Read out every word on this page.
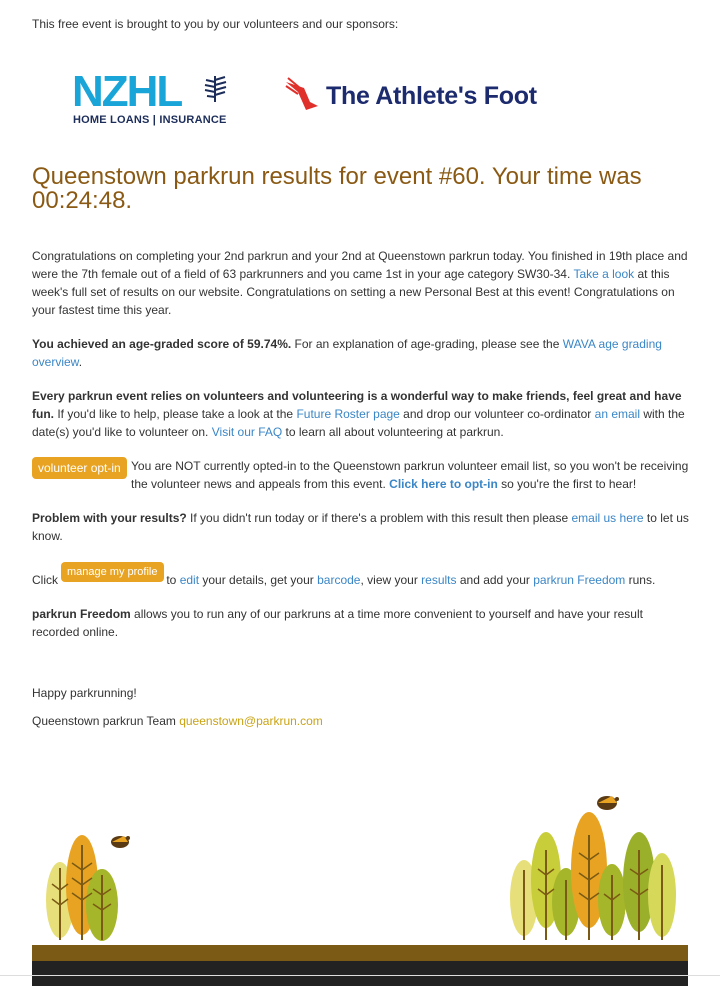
This free event is brought to you by our volunteers and our sponsors:
NZHL
HOME LOANS | INSURANCE
The Athlete's Foot
Queenstown parkrun results for event #60. Your time was 00:24:48.

Congratulations on completing your 2nd parkrun and your 2nd at Queenstown parkrun today. You finished in 19th place and were the 7th female out of a field of 63 parkrunners and you came 1st in your age category SW30-34. Take a look at this week's full set of results on our website. Congratulations on setting a new Personal Best at this event! Congratulations on your fastest time this year.

You achieved an age-graded score of 59.74%. For an explanation of age-grading, please see the WAVA age grading overview.

Every parkrun event relies on volunteers and volunteering is a wonderful way to make friends, feel great and have fun. If you'd like to help, please take a look at the Future Roster page and drop our volunteer co-ordinator an email with the date(s) you'd like to volunteer on. Visit our FAQ to learn all about volunteering at parkrun.

volunteer opt-in You are NOT currently opted-in to the Queenstown parkrun volunteer email list, so you won't be receiving the volunteer news and appeals from this event. Click here to opt-in so you're the first to hear!

Problem with your results? If you didn't run today or if there's a problem with this result then please email us here to let us know.

Click	to edit your details, get your barcode, view your results and add your parkrun Freedom runs.
manage my profile

parkrun Freedom allows you to run any of our parkruns at a time more convenient to yourself and have your result recorded online.

Happy parkrunning!

Queenstown parkrun Team queenstown@parkrun.com
